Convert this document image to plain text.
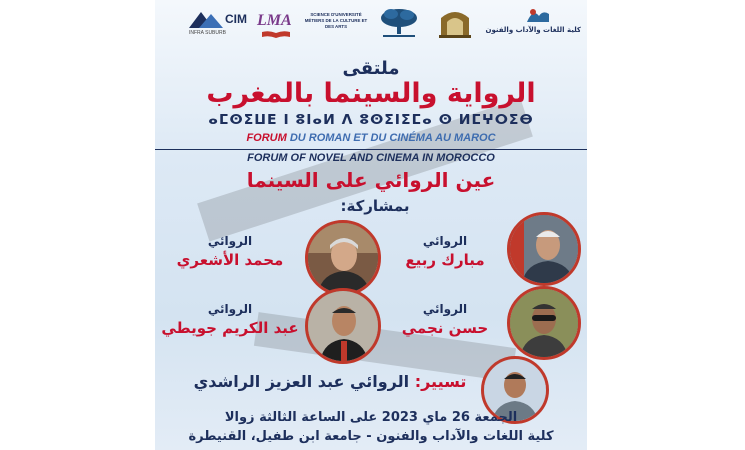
CIM
INFRA SUBURB
LMA	SCIENCE D'UNIVERSITÉ MÉTIERS DE LA CULTURE ET DES ARTS	كلية اللغات والآداب والفنون
ملتقى
الرواية والسينما بالمغرب
ⴰⵎⵙⵉⵡⴹ ⵏ ⵓⵏⴰⵍ ⴷ ⵓⵙⵉⵏⵉⵎⴰ ⵙ ⵍⵎⵖⵔⵉⴱ
FORUM DU ROMAN ET DU CINÉMA AU MAROC
FORUM OF NOVEL AND CINEMA IN MOROCCO
عين الروائي على السينما
بمشاركة:
الروائي
محمد الأشعري
الروائي
عبد الكريم جويطي
الروائي
مبارك ربيع
الروائي
حسن نجمي
تسيير: الروائي عبد العزيز الراشدي
الجمعة 26 ماي 2023 على الساعة الثالثة زوالا
كلية اللغات والآداب والفنون - جامعة ابن طفيل، القنيطرة
